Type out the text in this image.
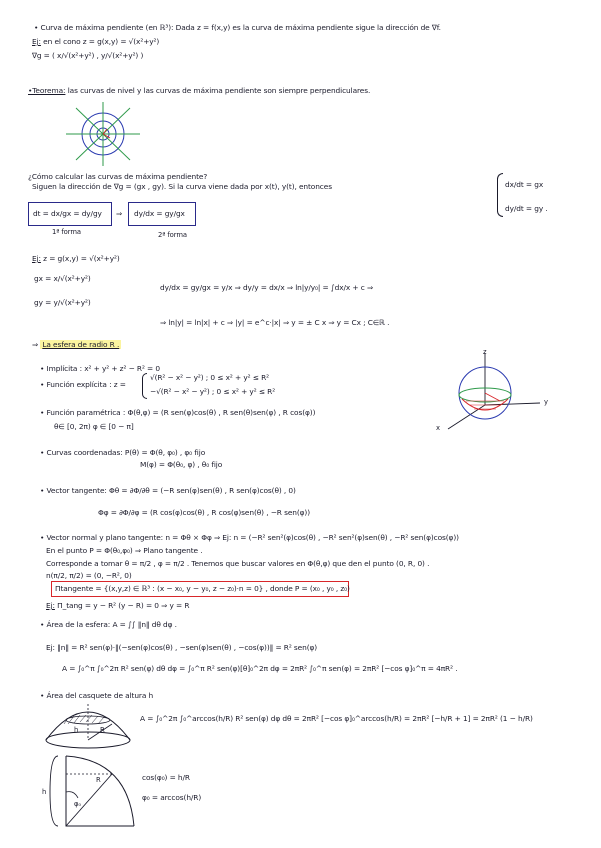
• Curva de máxima pendiente (en ℝ³): Dada z = f(x,y) es la curva de máxima pendiente sigue la dirección de ∇f.
Ej: en el cono z = g(x,y) = √(x²+y²)
∇g = ( x/√(x²+y²) , y/√(x²+y²) )
•Teorema: las curvas de nivel y las curvas de máxima pendiente son siempre perpendiculares.
¿Cómo calcular las curvas de máxima pendiente?
Siguen la dirección de ∇g = (gx , gy). Si la curva viene dada por x(t), y(t), entonces	dx/dt = gx
dy/dt = gy .
dt = dx/gx = dy/gy ⇒ dy/dx = gy/gx
1ª forma	2ª forma
Ej: z = g(x,y) = √(x²+y²)
gx = x/√(x²+y²)
gy = y/√(x²+y²)
dy/dx = gy/gx = y/x ⇒ dy/y = dx/x ⇒ ln|y/y₀| = ∫dx/x + c ⇒
⇒ ln|y| = ln|x| + c ⇒ |y| = e^c·|x| ⇒ y = ± C x ⇒ y = Cx ; C∈ℝ .
⇒ La esfera de radio R .
• Implícita : x² + y² + z² − R² = 0
• Función explícita : z =
√(R² − x² − y²) ; 0 ≤ x² + y² ≤ R²
−√(R² − x² − y²) ; 0 ≤ x² + y² ≤ R²
• Función paramétrica : Φ(θ,φ) = (R sen(φ)cos(θ) , R sen(θ)sen(φ) , R cos(φ))
θ∈ [0, 2π) φ ∈ [0 − π]
• Curvas coordenadas: P(θ) = Φ(θ, φ₀) , φ₀ fijo
M(φ) = Φ(θ₀, φ) , θ₀ fijo
• Vector tangente: Φθ = ∂Φ/∂θ = (−R sen(φ)sen(θ) , R sen(φ)cos(θ) , 0)
Φφ = ∂Φ/∂φ = (R cos(φ)cos(θ) , R cos(φ)sen(θ) , −R sen(φ))
• Vector normal y plano tangente: n = Φθ × Φφ ⇒ Ej: n = (−R² sen²(φ)cos(θ) , −R² sen²(φ)sen(θ) , −R² sen(φ)cos(φ))
En el punto P = Φ(θ₀,φ₀) ⇒ Plano tangente .
Corresponde a tomar θ = π/2 , φ = π/2 . Tenemos que buscar valores en Φ(θ,φ) que den el punto (0, R, 0) .
n(π/2, π/2) = (0, −R², 0)
Πtangente = {(x,y,z) ∈ ℝ³ : (x − x₀, y − y₀, z − z₀)·n = 0} , donde P = (x₀ , y₀ , z₀)
Ej: Π_tang = y − R² (y − R) = 0 ⇒ y = R
• Área de la esfera: A = ∫∫ ‖n‖ dθ dφ .
Ej: ‖n‖ = R² sen(φ)·‖(−sen(φ)cos(θ) , −sen(φ)sen(θ) , −cos(φ))‖ = R² sen(φ)
A = ∫₀^π ∫₀^2π R² sen(φ) dθ dφ = ∫₀^π R² sen(φ)[θ]₀^2π dφ = 2πR² ∫₀^π sen(φ) = 2πR² [−cos φ]₀^π = 4πR² .
• Área del casquete de altura h
A = ∫₀^2π ∫₀^arccos(h/R) R² sen(φ) dφ dθ = 2πR² [−cos φ]₀^arccos(h/R) = 2πR² [−h/R + 1] = 2πR² (1 − h/R)
cos(φ₀) = h/R
φ₀ = arccos(h/R)
z
y
x
h	R
h
R
φ₀
